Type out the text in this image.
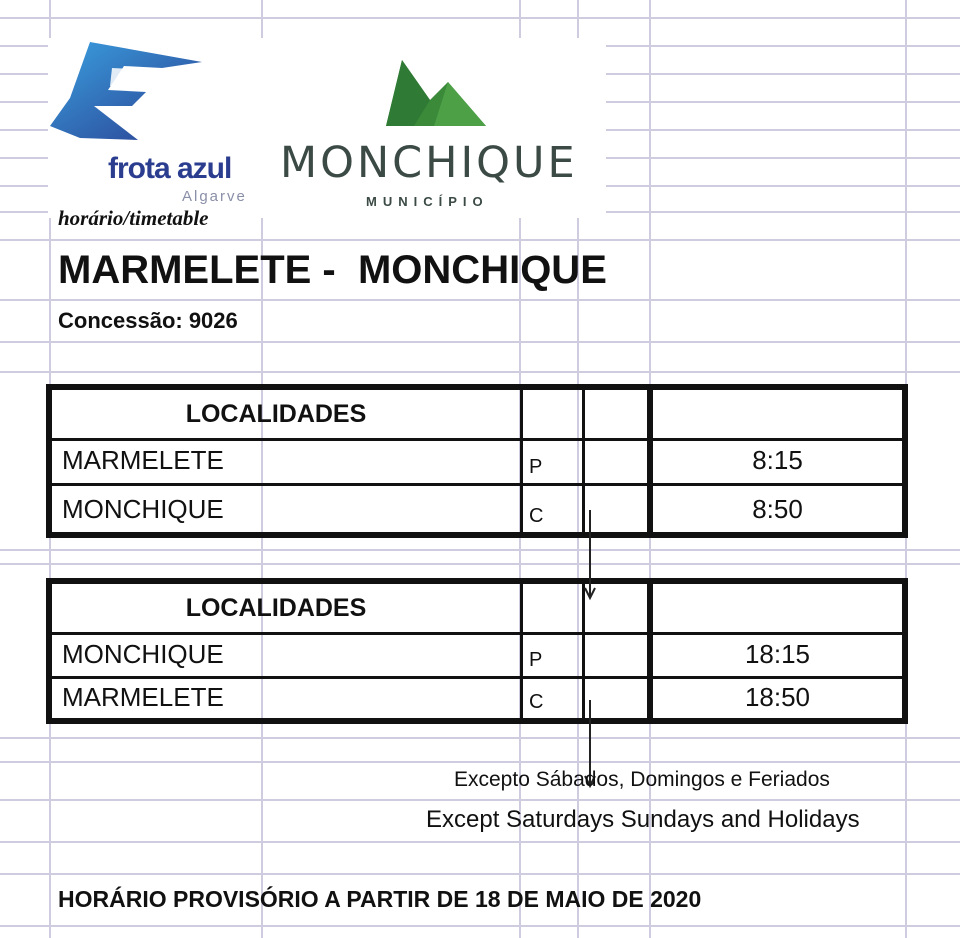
frota azul
Algarve
horário/timetable
MONCHIQUE
MUNICÍPIO
MARMELETE -  MONCHIQUE
Concessão: 9026
LOCALIDADES
MARMELETE	P	8:15
MONCHIQUE	C	8:50
LOCALIDADES
MONCHIQUE	P	18:15
MARMELETE	C	18:50
Excepto Sábados, Domingos e Feriados
Except Saturdays Sundays and Holidays
HORÁRIO PROVISÓRIO A PARTIR DE 18 DE MAIO DE 2020
